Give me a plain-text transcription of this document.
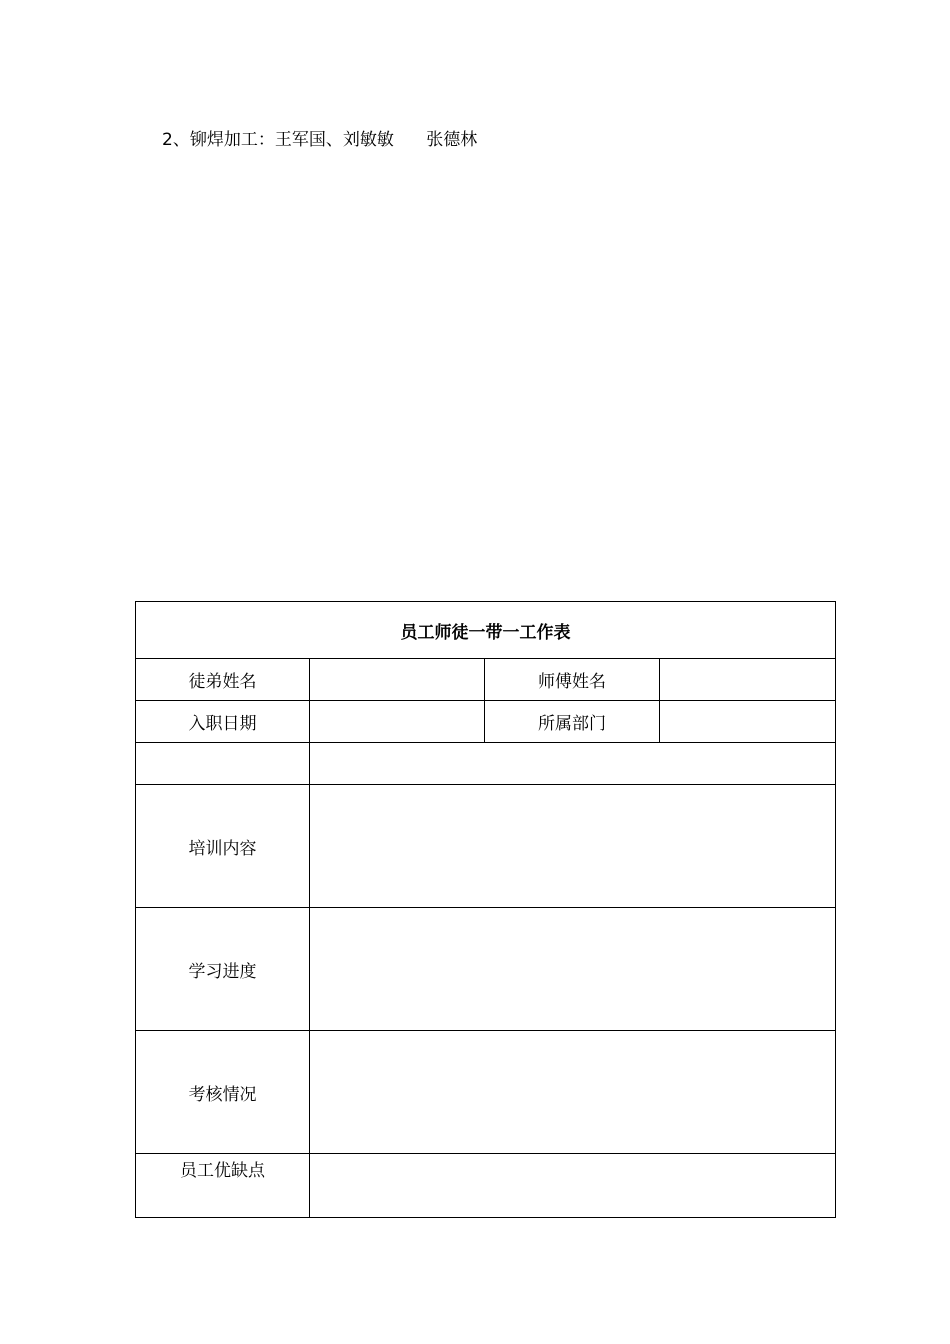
2、铆焊加工：王军国、刘敏敏      张德林
员工师徒一带一工作表			
徒弟姓名		师傅姓名	
入职日期		所属部门	

培训内容			
学习进度			
考核情况			
员工优缺点			
